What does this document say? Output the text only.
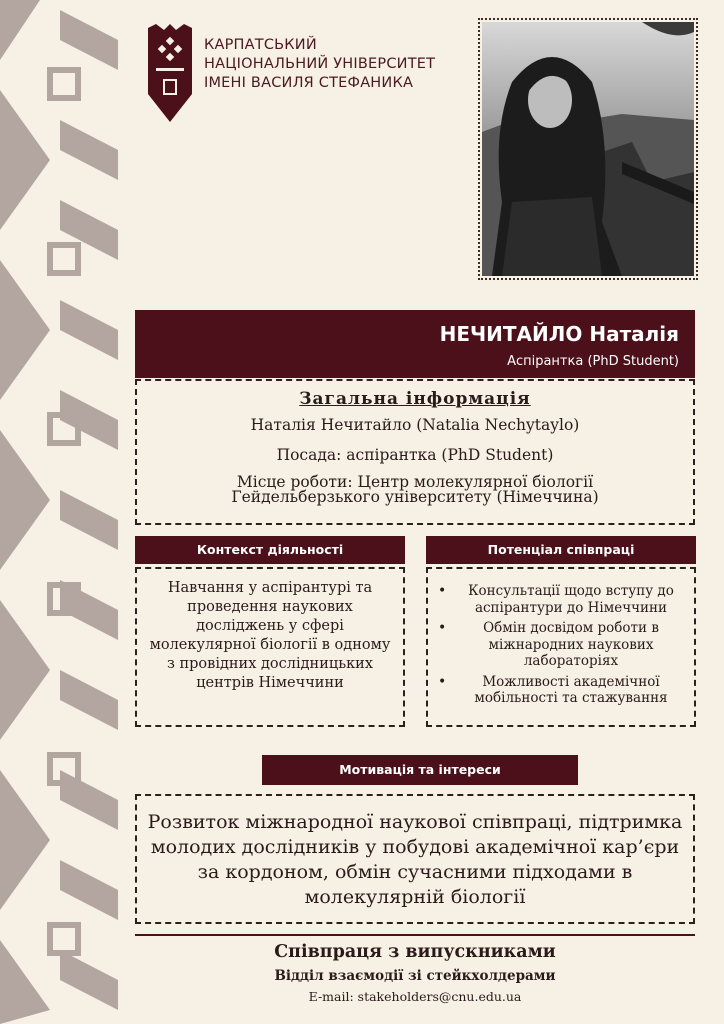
КАРПАТСЬКИЙ
НАЦІОНАЛЬНИЙ УНІВЕРСИТЕТ
ІМЕНІ ВАСИЛЯ СТЕФАНИКА
НЕЧИТАЙЛО Наталія
Аспірантка (PhD Student)
Загальна інформація
Наталія Нечитайло (Natalia Nechytaylo)
Посада: аспірантка (PhD Student)
Місце роботи: Центр молекулярної біології
Гейдельберзького університету (Німеччина)
Контекст діяльності
Навчання у аспірантурі та проведення наукових досліджень у сфері молекулярної біології в одному з провідних дослідницьких центрів Німеччини
Потенціал співпраці
•	Консультації щодо вступу до аспірантури до Німеччини
•	Обмін досвідом роботи в міжнародних наукових лабораторіях
•	Можливості академічної мобільності та стажування
Мотивація та інтереси
Розвиток міжнародної наукової співпраці, підтримка молодих дослідників у побудові академічної кар’єри за кордоном, обмін сучасними підходами в молекулярній біології
Співпраця з випускниками
Відділ взаємодії зі стейкхолдерами
E-mail: stakeholders@cnu.edu.ua
